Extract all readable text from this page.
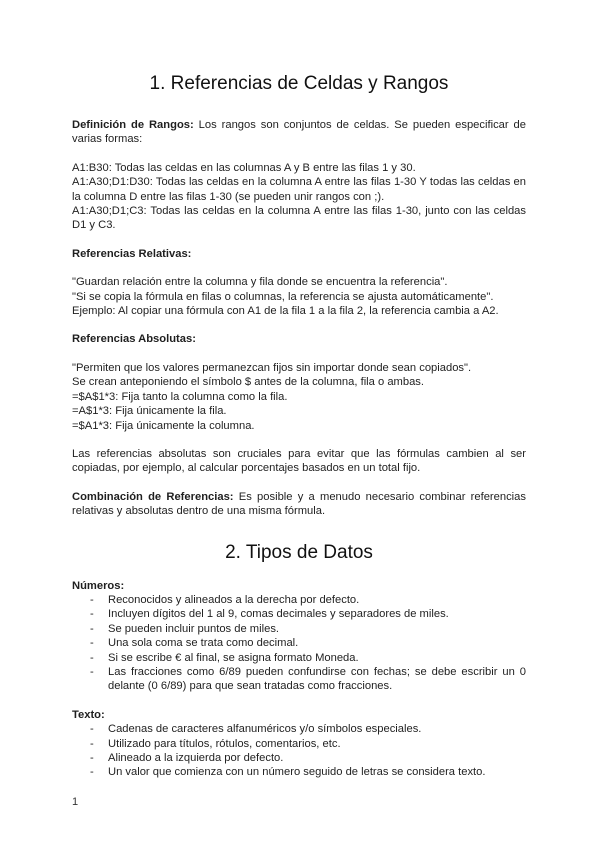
1. Referencias de Celdas y Rangos

Definición de Rangos: Los rangos son conjuntos de celdas. Se pueden especificar de varias formas:

A1:B30: Todas las celdas en las columnas A y B entre las filas 1 y 30.

A1:A30;D1:D30: Todas las celdas en la columna A entre las filas 1-30 Y todas las celdas en la columna D entre las filas 1-30 (se pueden unir rangos con ;).

A1:A30;D1;C3: Todas las celdas en la columna A entre las filas 1-30, junto con las celdas D1 y C3.

Referencias Relativas:

"Guardan relación entre la columna y fila donde se encuentra la referencia".

"Si se copia la fórmula en filas o columnas, la referencia se ajusta automáticamente".

Ejemplo: Al copiar una fórmula con A1 de la fila 1 a la fila 2, la referencia cambia a A2.

Referencias Absolutas:

"Permiten que los valores permanezcan fijos sin importar donde sean copiados".

Se crean anteponiendo el símbolo $ antes de la columna, fila o ambas.

=$A$1*3: Fija tanto la columna como la fila.

=A$1*3: Fija únicamente la fila.

=$A1*3: Fija únicamente la columna.

Las referencias absolutas son cruciales para evitar que las fórmulas cambien al ser copiadas, por ejemplo, al calcular porcentajes basados en un total fijo.

Combinación de Referencias: Es posible y a menudo necesario combinar referencias relativas y absolutas dentro de una misma fórmula.

2. Tipos de Datos

Números:

- Reconocidos y alineados a la derecha por defecto.
- Incluyen dígitos del 1 al 9, comas decimales y separadores de miles.
- Se pueden incluir puntos de miles.
- Una sola coma se trata como decimal.
- Si se escribe € al final, se asigna formato Moneda.
- Las fracciones como 6/89 pueden confundirse con fechas; se debe escribir un 0 delante (0 6/89) para que sean tratadas como fracciones.

Texto:

- Cadenas de caracteres alfanuméricos y/o símbolos especiales.
- Utilizado para títulos, rótulos, comentarios, etc.
- Alineado a la izquierda por defecto.
- Un valor que comienza con un número seguido de letras se considera texto.
1
